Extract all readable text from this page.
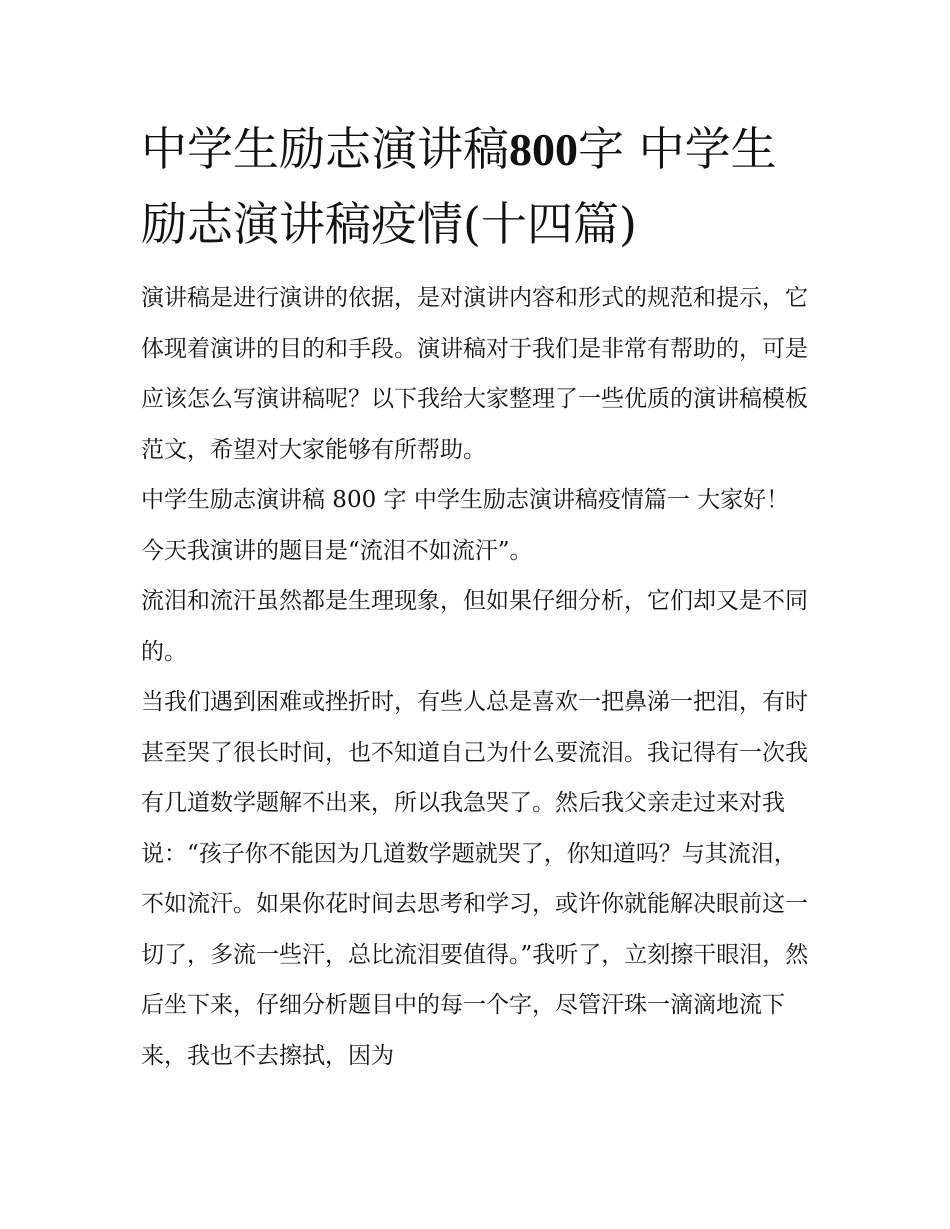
中学生励志演讲稿800字 中学生励志演讲稿疫情(十四篇)

演讲稿是进行演讲的依据，是对演讲内容和形式的规范和提示，它体现着演讲的目的和手段。演讲稿对于我们是非常有帮助的，可是应该怎么写演讲稿呢？以下我给大家整理了一些优质的演讲稿模板范文，希望对大家能够有所帮助。

中学生励志演讲稿 800 字 中学生励志演讲稿疫情篇一 大家好！ 今天我演讲的题目是“流泪不如流汗”。

流泪和流汗虽然都是生理现象，但如果仔细分析，它们却又是不同的。

当我们遇到困难或挫折时，有些人总是喜欢一把鼻涕一把泪，有时甚至哭了很长时间，也不知道自己为什么要流泪。我记得有一次我有几道数学题解不出来，所以我急哭了。然后我父亲走过来对我说：“孩子你不能因为几道数学题就哭了，你知道吗？与其流泪，不如流汗。如果你花时间去思考和学习，或许你就能解决眼前这一切了，多流一些汗，总比流泪要值得。”我听了，立刻擦干眼泪，然后坐下来，仔细分析题目中的每一个字，尽管汗珠一滴滴地流下来，我也不去擦拭，因为
